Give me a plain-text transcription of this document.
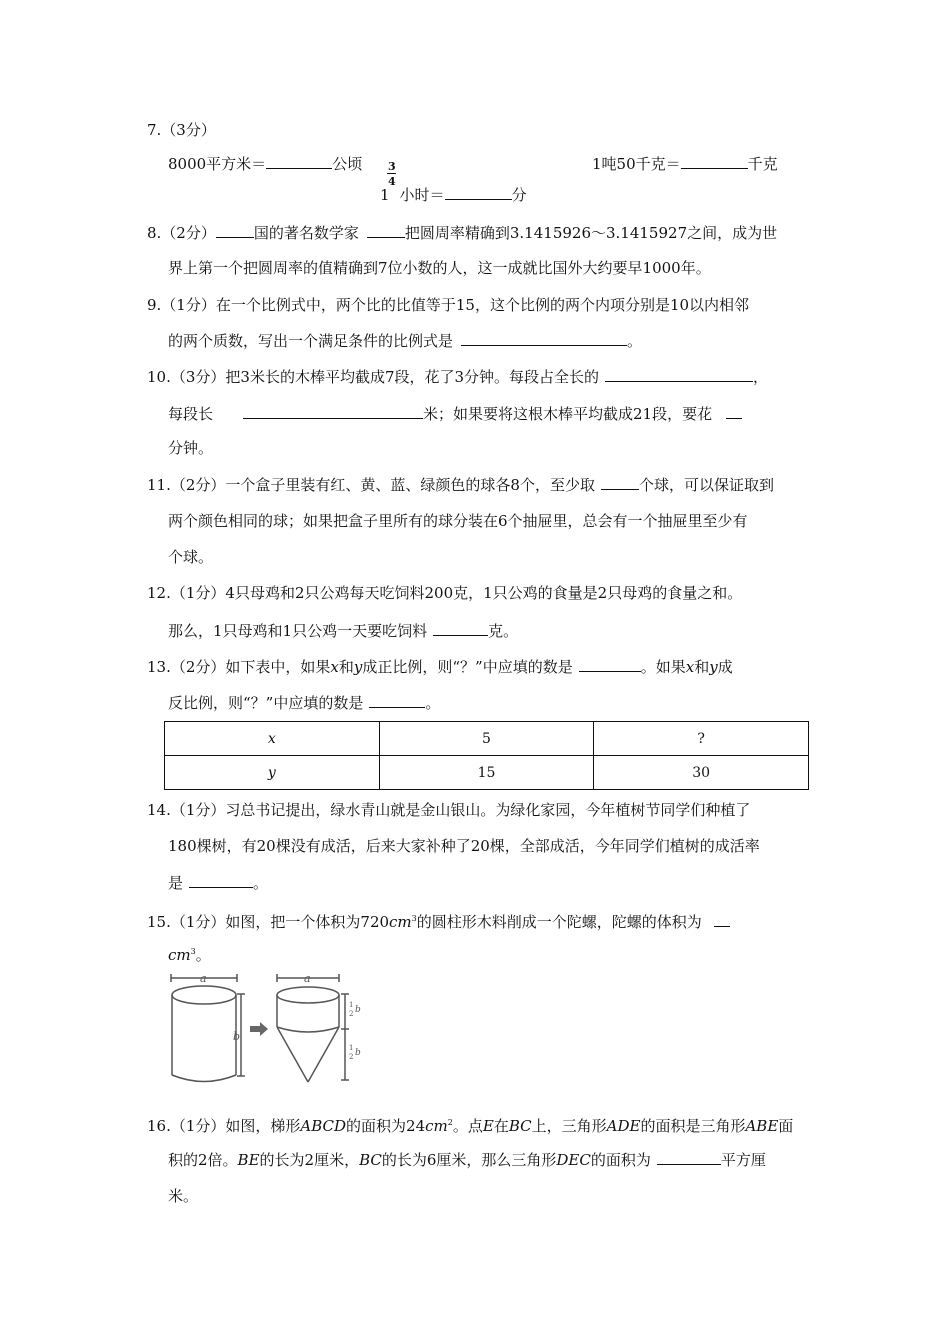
7.（3分）
8000平方米＝	公顷 3
4
1 小时＝	分
1吨50千克＝	千克
8.（2分）	国的著名数学家	把圆周率精确到3.1415926～3.1415927之间，成为世
界上第一个把圆周率的值精确到7位小数的人，这一成就比国外大约要早1000年。
9.（1分）在一个比例式中，两个比的比值等于15，这个比例的两个内项分别是10以内相邻
的两个质数，写出一个满足条件的比例式是	。
10.（3分）把3米长的木棒平均截成7段，花了3分钟。每段占全长的	，
每段长	米；如果要将这根木棒平均截成21段，要花
分钟。
11.（2分）一个盒子里装有红、黄、蓝、绿颜色的球各8个，至少取	个球，可以保证取到
两个颜色相同的球；如果把盒子里所有的球分装在6个抽屉里，总会有一个抽屉里至少有
个球。
12.（1分）4只母鸡和2只公鸡每天吃饲料200克，1只公鸡的食量是2只母鸡的食量之和。
那么，1只母鸡和1只公鸡一天要吃饲料	克。
13.（2分）如下表中，如果x和y成正比例，则“？”中应填的数是	。如果x和y成
反比例，则“？”中应填的数是	。
x	5	?
y	15	30
14.（1分）习总书记提出，绿水青山就是金山银山。为绿化家园，今年植树节同学们种植了
180棵树，有20棵没有成活，后来大家补种了20棵，全部成活，今年同学们植树的成活率
是	。
15.（1分）如图，把一个体积为$720cm^3$的圆柱形木料削成一个陀螺，陀螺的体积为
$cm^3$。
a	a
b
1
2 b
1
2 b
16.（1分）如图，梯形ABCD的面积为$24cm^2$。点E在BC上，三角形ADE的面积是三角形ABE面
积的2倍。BE的长为2厘米，BC的长为6厘米，那么三角形DEC的面积为	平方厘
米。
